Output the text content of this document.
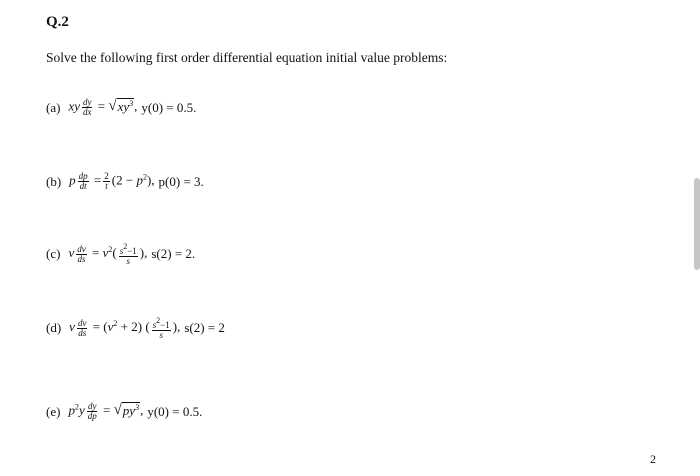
Q.2
Solve the following first order differential equation initial value problems:
(a) xy $\frac{dy}{dx}$ = √ $xy^3$ , y(0) = 0.5.
(b) p $\frac{dp}{dt} = \frac{2}{t} (2 - p^2)$, p(0) = 3.
(c) v $\frac{dv}{ds} = v^2( \frac{s^2-1}{s}$ ), s(2) = 2.
(d) v $\frac{dv}{ds} = (v^2 + 2)$ ( $\frac{s^2-1}{s}$ ), s(2) = 2
(e) $p^2y \frac{dy}{dp}$ = √ $py^3$ , y(0) = 0.5.
2
